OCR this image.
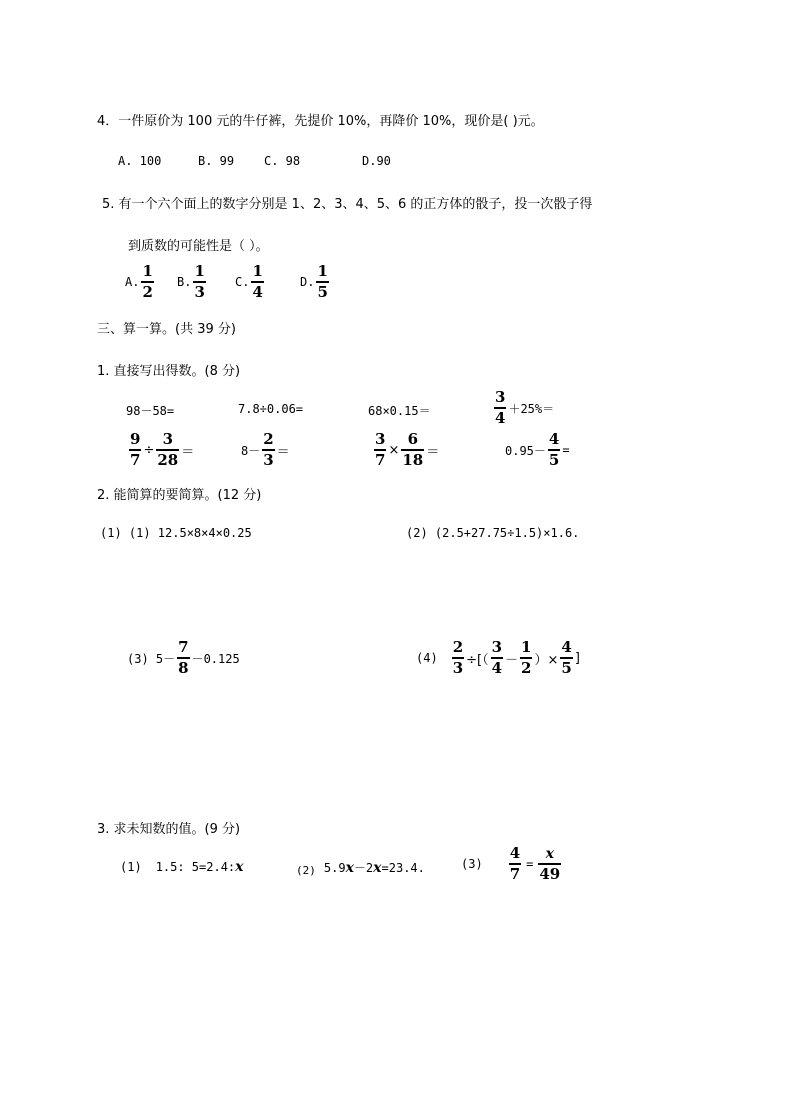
4．一件原价为 100 元的牛仔裤，先提价 10%，再降价 10%，现价是( )元。
A. 100	B. 99 C. 98	D.90
5. 有一个六个面上的数字分别是 1、2、3、4、5、6 的正方体的骰子，投一次骰子得
到质数的可能性是（ ）。
A. $\frac{1}{2} B$. $\frac{1}{3} C$. $\frac{1}{4}$	D. $\frac{1}{5}$
三、算一算。(共 39 分)
1. 直接写出得数。(8 分)
98－58=	7.8÷0.06=	68×0.15＝	$\frac{3}{4} +25\%=$
$\frac{9}{7} \div \frac{3}{28}$ ＝	$8- \frac{2}{3}$ ＝	$\frac{3}{7} \times \frac{6}{18}$ ＝	$0.95- \frac{4}{5}$ =
2. 能简算的要简算。(12 分)
(1) (1) 12.5×8×4×0.25	(2) (2.5+27.75÷1.5)×1.6.
(3) $5- \frac{7}{8} -0.125$	$(4) \frac{2}{3}$ ÷[（ $\frac{3}{4} - \frac{1}{2}$ ）× $\frac{4}{5}$ ]
3. 求未知数的值。(9 分)
(1) 1.5: 5=2.4: x	(2) 5.9 x －2 x =23.4.	$(3) \frac{4}{7} = \frac{x}{49}$
